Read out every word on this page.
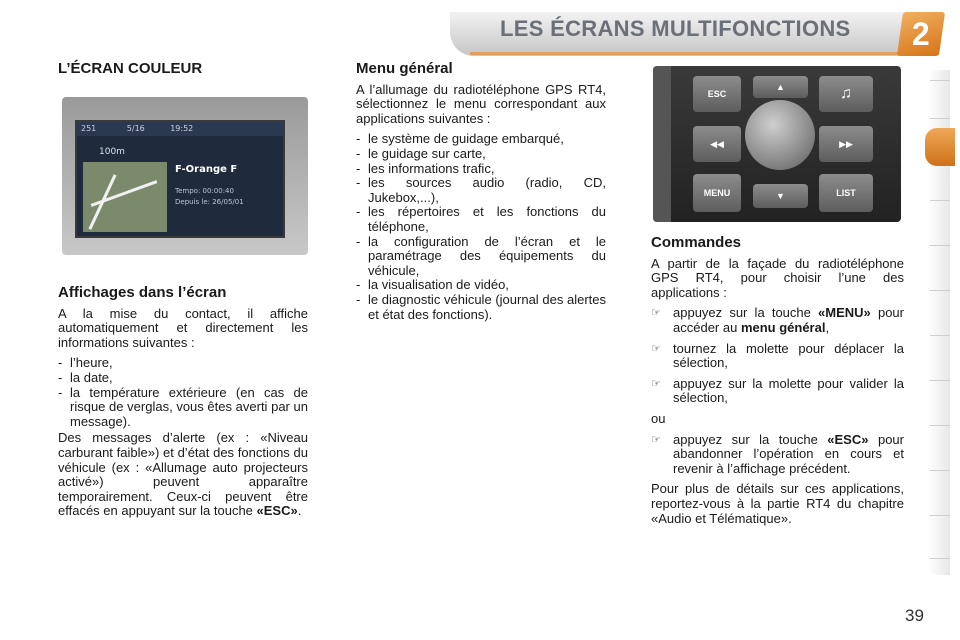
LES ÉCRANS MULTIFONCTIONS 2
L’ÉCRAN COULEUR
251	5/16	19:52
100m
F-Orange F
Tempo: 00:00:40
Depuis le: 26/05/01
Affichages dans l’écran

A la mise du contact, il affiche automatiquement et directement les informations suivantes :

- l’heure,
- la date,
- la température extérieure (en cas de risque de verglas, vous êtes averti par un message).

Des messages d’alerte (ex : «Niveau carburant faible») et d’état des fonctions du véhicule (ex : «Allumage auto projecteurs activé») peuvent apparaître temporairement. Ceux-ci peuvent être effacés en appuyant sur la touche «ESC».

Menu général

A l’allumage du radiotéléphone GPS RT4, sélectionnez le menu correspondant aux applications suivantes :

- le système de guidage embarqué,
- le guidage sur carte,
- les informations trafic,
- les sources audio (radio, CD, Jukebox,...),
- les répertoires et les fonctions du téléphone,
- la configuration de l’écran et le paramétrage des équipements du véhicule,
- la visualisation de vidéo,
- le diagnostic véhicule (journal des alertes et état des fonctions).
ESC
▲	♫
◀◀	▶▶
MENU	▼	LIST
Commandes

A partir de la façade du radiotéléphone GPS RT4, pour choisir l’une des applications :

☞ appuyez sur la touche «MENU» pour accéder au menu général,
☞ tournez la molette pour déplacer la sélection,
☞ appuyez sur la molette pour valider la sélection,

ou

☞ appuyez sur la touche «ESC» pour abandonner l’opération en cours et revenir à l’affichage précédent.

Pour plus de détails sur ces applications, reportez-vous à la partie RT4 du chapitre «Audio et Télématique».

39
